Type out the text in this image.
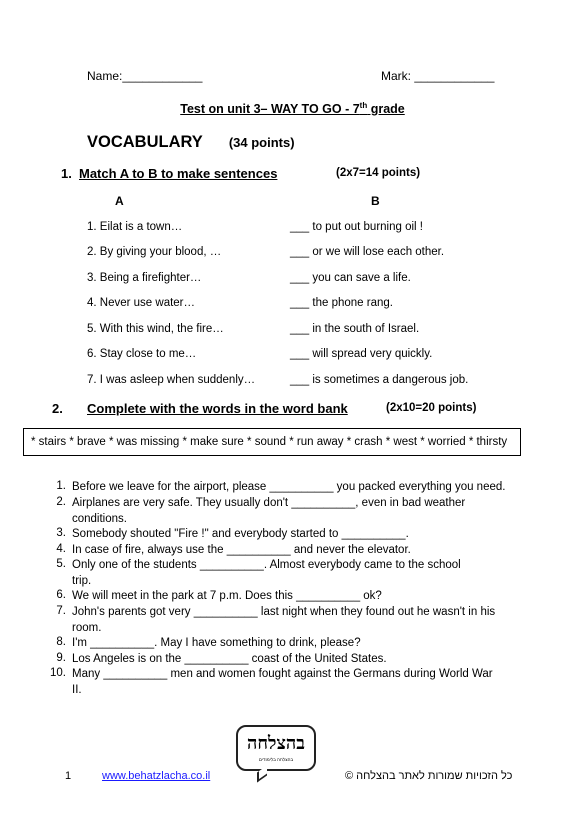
Name:____________	Mark: ____________
Test on unit 3– WAY TO GO - 7th grade
VOCABULARY (34 points)
1. Match A to B to make sentences	(2x7=14 points)
A	B
1. Eilat is a town…	___ to put out burning oil !
2. By giving your blood, …	___ or we will lose each other.
3. Being a firefighter…	___ you can save a life.
4. Never use water…	___ the phone rang.
5. With this wind, the fire…	___ in the south of Israel.
6. Stay close to me…	___ will spread very quickly.
7. I was asleep when suddenly…	___ is sometimes a dangerous job.
2. Complete with the words in the word bank	(2x10=20 points)
* stairs * brave * was missing * make sure * sound * run away * crash * west * worried * thirsty
1. Before we leave for the airport, please __________ you packed everything you need.
2. Airplanes are very safe. They usually don't __________, even in bad weather conditions.
3. Somebody shouted "Fire !" and everybody started to __________.
4. In case of fire, always use the __________ and never the elevator.
5. Only one of the students __________. Almost everybody came to the school trip.
6. We will meet in the park at 7 p.m. Does this __________ ok?
7. John's parents got very __________ last night when they found out he wasn't in his room.
8. I'm __________. May I have something to drink, please?
9. Los Angeles is on the __________ coast of the United States.
10. Many __________ men and women fought against the Germans during World War II.
בהצלחה
בהצלחה בלימודים
1	www.behatzlacha.co.il	כל הזכויות שמורות לאתר בהצלחה ©
